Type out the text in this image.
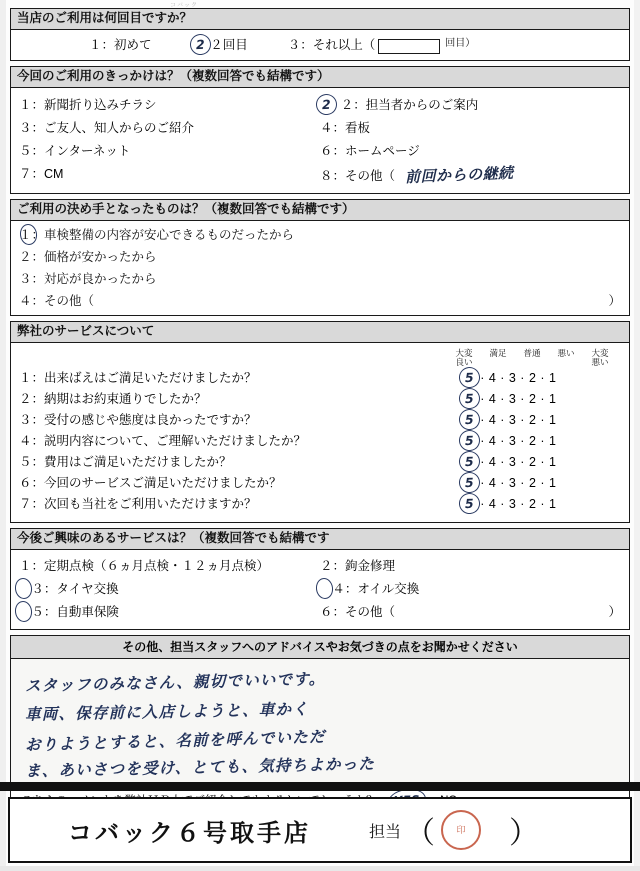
コバック
当店のご利用は何回目ですか？
１：初めて	2 ２回目	３：それ以上（	回目）
今回のご利用のきっかけは？（複数回答でも結構です）
１：新聞折り込みチラシ	2 ２：担当者からのご案内
３：ご友人、知人からのご紹介	４：看板
５：インターネット	６：ホームページ
７：CM	８：その他（ 前回からの継続
ご利用の決め手となったものは？（複数回答でも結構です）

１：車検整備の内容が安心できるものだったから
２：価格が安かったから
３：対応が良かったから
４：その他（	）
弊社のサービスについて
大変
良い
満足	普通	悪い	大変
悪い
１：出来ばえはご満足いただけましたか？	5 · 4 · 3 · 2 · 1
２：納期はお約束通りでしたか？	5 · 4 · 3 · 2 · 1
３：受付の感じや態度は良かったですか？	5 · 4 · 3 · 2 · 1
４：説明内容について、ご理解いただけましたか？	5 · 4 · 3 · 2 · 1
５：費用はご満足いただけましたか？	5 · 4 · 3 · 2 · 1
６：今回のサービスご満足いただけましたか？	5 · 4 · 3 · 2 · 1
７：次回も当社をご利用いただけますか？	5 · 4 · 3 · 2 · 1
今後ご興味のあるサービスは？（複数回答でも結構です
１：定期点検（６ヵ月点検・１２ヵ月点検）	２：鉤金修理
３：タイヤ交換	４：オイル交換
５：自動車保険	６：その他（	）
その他、担当スタッフへのアドバイスやお気づきの点をお聞かせください
スタッフのみなさん、親切でいいです。
車両、保存前に入店しようと、車かく
おりようとすると、名前を呼んでいただ
ま、あいさつを受け、とても、気持ちよかった
コバック６号取手店	担当 （	印	）
